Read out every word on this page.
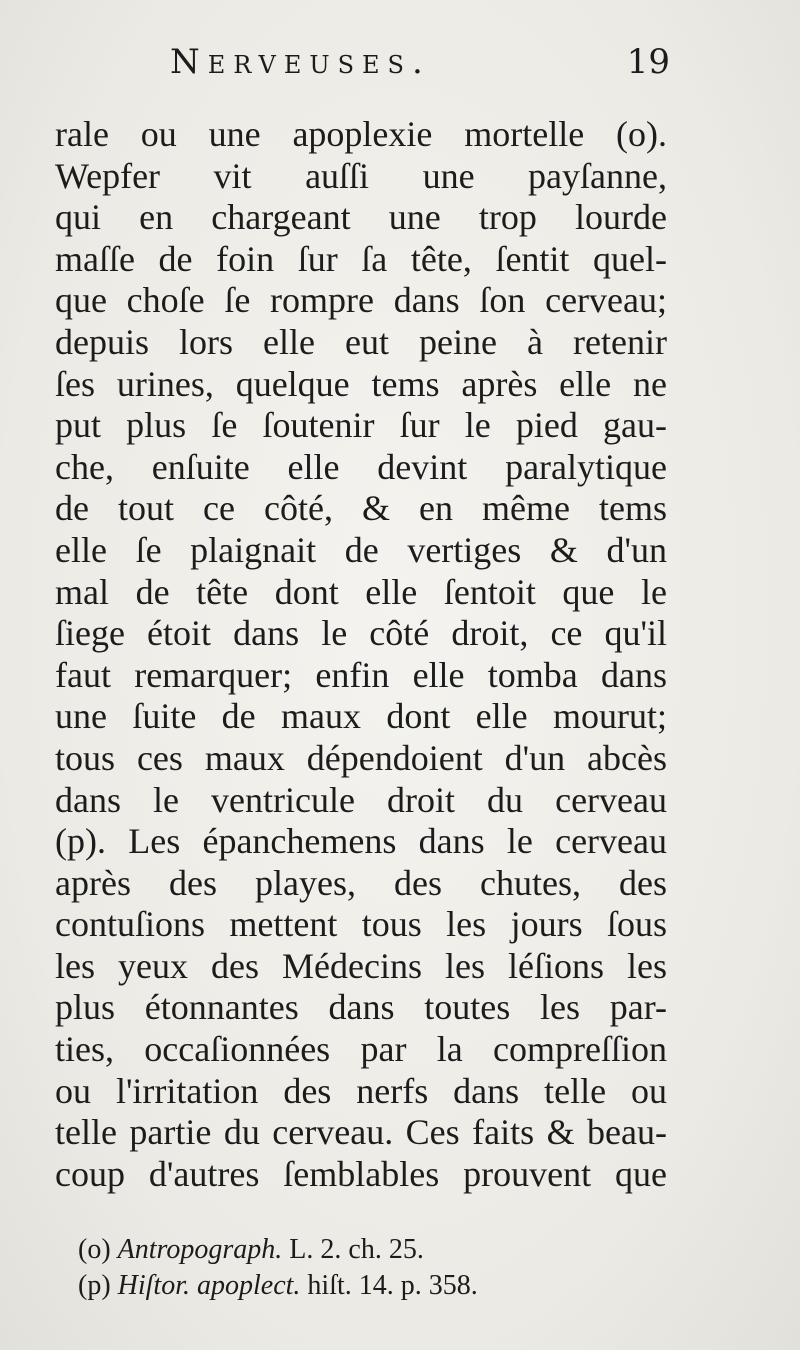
Nerveuses.	19
rale ou une apoplexie mortelle (o).
Wepfer vit auſſi une payſanne,
qui en chargeant une trop lourde
maſſe de foin ſur ſa tête, ſentit quel-
que choſe ſe rompre dans ſon cerveau;
depuis lors elle eut peine à retenir
ſes urines, quelque tems après elle ne
put plus ſe ſoutenir ſur le pied gau-
che, enſuite elle devint paralytique
de tout ce côté, & en même tems
elle ſe plaignait de vertiges & d'un
mal de tête dont elle ſentoit que le
ſiege étoit dans le côté droit, ce qu'il
faut remarquer; enfin elle tomba dans
une ſuite de maux dont elle mourut;
tous ces maux dépendoient d'un abcès
dans le ventricule droit du cerveau
(p). Les épanchemens dans le cerveau
après des playes, des chutes, des
contuſions mettent tous les jours ſous
les yeux des Médecins les léſions les
plus étonnantes dans toutes les par-
ties, occaſionnées par la compreſſion
ou l'irritation des nerfs dans telle ou
telle partie du cerveau. Ces faits & beau-
coup d'autres ſemblables prouvent que
(o) Antropograph. L. 2. ch. 25.
(p) Hiſtor. apoplect. hiſt. 14. p. 358.
